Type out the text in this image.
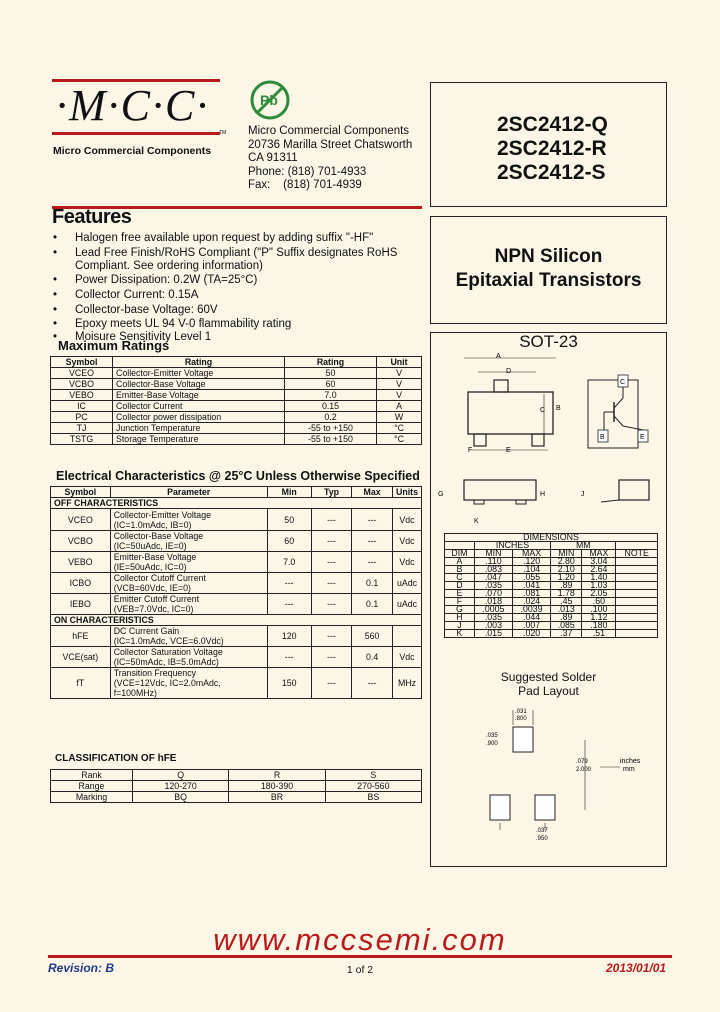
·M·C·C·
TM
Micro Commercial Components
Pb
Micro Commercial Components
20736 Marilla Street Chatsworth
CA 91311
Phone: (818) 701-4933
Fax:    (818) 701-4939
2SC2412-Q
2SC2412-R
2SC2412-S
NPN Silicon
Epitaxial Transistors
Features
• Halogen free available upon request by adding suffix "-HF"
• Lead Free Finish/RoHS Compliant ("P" Suffix designates RoHS Compliant. See ordering information)
• Power Dissipation: 0.2W (TA=25°C)
• Collector Current: 0.15A
• Collector-base Voltage: 60V
• Epoxy meets UL 94 V-0 flammability rating
• Moisure Sensitivity Level 1
Maximum Ratings
Symbol	Rating	Rating	Unit
VCEO	Collector-Emitter Voltage	50	V
VCBO	Collector-Base Voltage	60	V
VEBO	Emitter-Base Voltage	7.0	V
IC	Collector Current	0.15	A
PC	Collector power dissipation	0.2	W
TJ	Junction Temperature	-55 to +150	°C
TSTG	Storage Temperature	-55 to +150	°C
Electrical Characteristics @ 25°C Unless Otherwise Specified
Symbol	Parameter	Min	Typ	Max	Units
OFF CHARACTERISTICS					
VCEO	Collector-Emitter Voltage
(IC=1.0mAdc, IB=0)	50	---	---	Vdc
VCBO	Collector-Base Voltage
(IC=50uAdc, IE=0)	60	---	---	Vdc
VEBO	Emitter-Base Voltage
(IE=50uAdc, IC=0)	7.0	---	---	Vdc
ICBO	Collector Cutoff Current
(VCB=60Vdc, IE=0)	---	---	0.1	uAdc
IEBO	Emitter Cutoff Current
(VEB=7.0Vdc, IC=0)	---	---	0.1	uAdc
ON CHARACTERISTICS					
hFE	DC Current Gain
(IC=1.0mAdc, VCE=6.0Vdc)	120	---	560	
VCE(sat)	Collector Saturation Voltage
(IC=50mAdc, IB=5.0mAdc)	---	---	0.4	Vdc
fT	Transition Frequency
(VCE=12Vdc, IC=2.0mAdc, f=100MHz)	150	---	---	MHz
CLASSIFICATION OF hFE
Rank	Q	R	S
Range	120-270	180-390	270-560
Marking	BQ	BR	BS
SOT-23
A
D
C B
F	E
C
B	E
G	H
K
J
DIMENSIONS					
	INCHES		MM		
DIM	MIN	MAX	MIN	MAX	NOTE
A	.110	.120	2.80	3.04	
B	.083	.104	2.10	2.64	
C	.047	.055	1.20	1.40	
D	.035	.041	.89	1.03	
E	.070	.081	1.78	2.05	
F	.018	.024	.45	.60	
G	.0005	.0039	.013	.100	
H	.035	.044	.89	1.12	
J	.003	.007	.085	.180	
K	.015	.020	.37	.51	
Suggested Solder
Pad Layout
.031
.800
.035
.900
.079
2.000
inches
mm
.037
.950
www.mccsemi.com
Revision: B	1 of 2	2013/01/01
